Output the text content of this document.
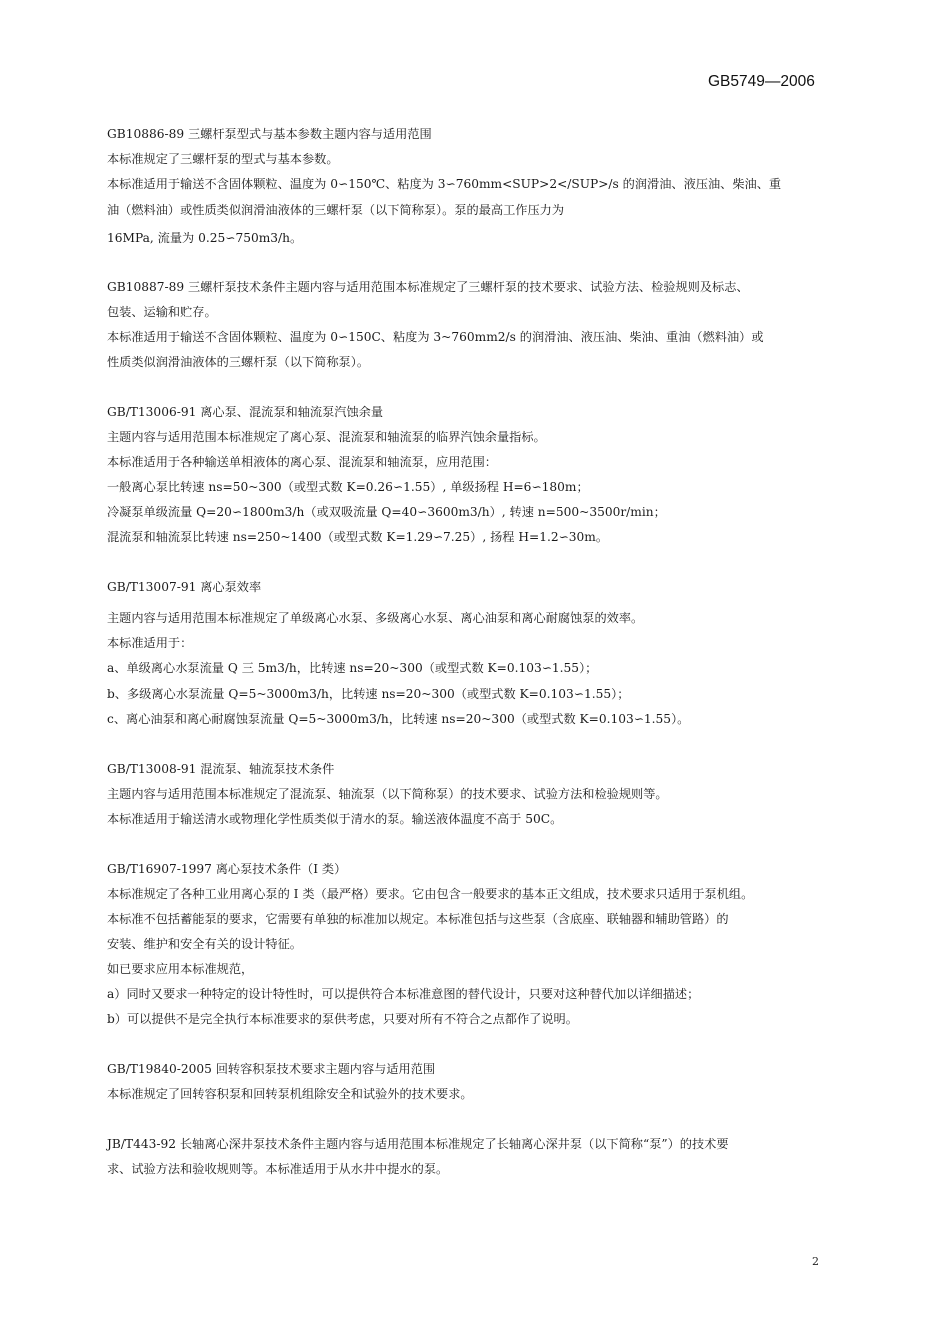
GB5749—2006
GB10886-89 三螺杆泵型式与基本参数主题内容与适用范围
本标准规定了三螺杆泵的型式与基本参数。
本标准适用于输送不含固体颗粒、温度为 0∽150℃、粘度为 3∽760mm<SUP>2</SUP>/s 的润滑油、液压油、柴油、重
油（燃料油）或性质类似润滑油液体的三螺杆泵（以下简称泵）。泵的最高工作压力为
16MPa, 流量为 0.25∽750m3/h。
GB10887-89 三螺杆泵技术条件主题内容与适用范围本标准规定了三螺杆泵的技术要求、试验方法、检验规则及标志、
包装、运输和贮存。
本标准适用于输送不含固体颗粒、温度为 0∽150C、粘度为 3~760mm2/s 的润滑油、液压油、柴油、重油（燃料油）或
性质类似润滑油液体的三螺杆泵（以下简称泵）。
GB/T13006-91 离心泵、混流泵和轴流泵汽蚀余量
主题内容与适用范围本标准规定了离心泵、混流泵和轴流泵的临界汽蚀余量指标。
本标准适用于各种输送单相液体的离心泵、混流泵和轴流泵，应用范围：
一般离心泵比转速 ns=50~300（或型式数 K=0.26∽1.55）, 单级扬程 H=6∽180m；
冷凝泵单级流量 Q=20∽1800m3/h（或双吸流量 Q=40∽3600m3/h）, 转速 n=500~3500r/min；
混流泵和轴流泵比转速 ns=250~1400（或型式数 K=1.29∽7.25）, 扬程 H=1.2∽30m。
GB/T13007-91 离心泵效率
主题内容与适用范围本标准规定了单级离心水泵、多级离心水泵、离心油泵和离心耐腐蚀泵的效率。
本标准适用于：
a、单级离心水泵流量 Q 三 5m3/h，比转速 ns=20~300（或型式数 K=0.103∽1.55）；
b、多级离心水泵流量 Q=5~3000m3/h，比转速 ns=20~300（或型式数 K=0.103∽1.55）；
c、离心油泵和离心耐腐蚀泵流量 Q=5~3000m3/h，比转速 ns=20~300（或型式数 K=0.103∽1.55）。
GB/T13008-91 混流泵、轴流泵技术条件
主题内容与适用范围本标准规定了混流泵、轴流泵（以下简称泵）的技术要求、试验方法和检验规则等。
本标准适用于输送清水或物理化学性质类似于清水的泵。输送液体温度不高于 50C。
GB/T16907-1997 离心泵技术条件（I 类）
本标准规定了各种工业用离心泵的 I 类（最严格）要求。它由包含一般要求的基本正文组成，技术要求只适用于泵机组。
本标准不包括蓄能泵的要求，它需要有单独的标准加以规定。本标准包括与这些泵（含底座、联轴器和辅助管路）的
安装、维护和安全有关的设计特征。
如已要求应用本标准规范，
a）同时又要求一种特定的设计特性时，可以提供符合本标准意图的替代设计，只要对这种替代加以详细描述；
b）可以提供不是完全执行本标准要求的泵供考虑，只要对所有不符合之点都作了说明。
GB/T19840-2005 回转容积泵技术要求主题内容与适用范围
本标准规定了回转容积泵和回转泵机组除安全和试验外的技术要求。
JB/T443-92 长轴离心深井泵技术条件主题内容与适用范围本标准规定了长轴离心深井泵（以下简称“泵”）的技术要
求、试验方法和验收规则等。本标准适用于从水井中提水的泵。
2
